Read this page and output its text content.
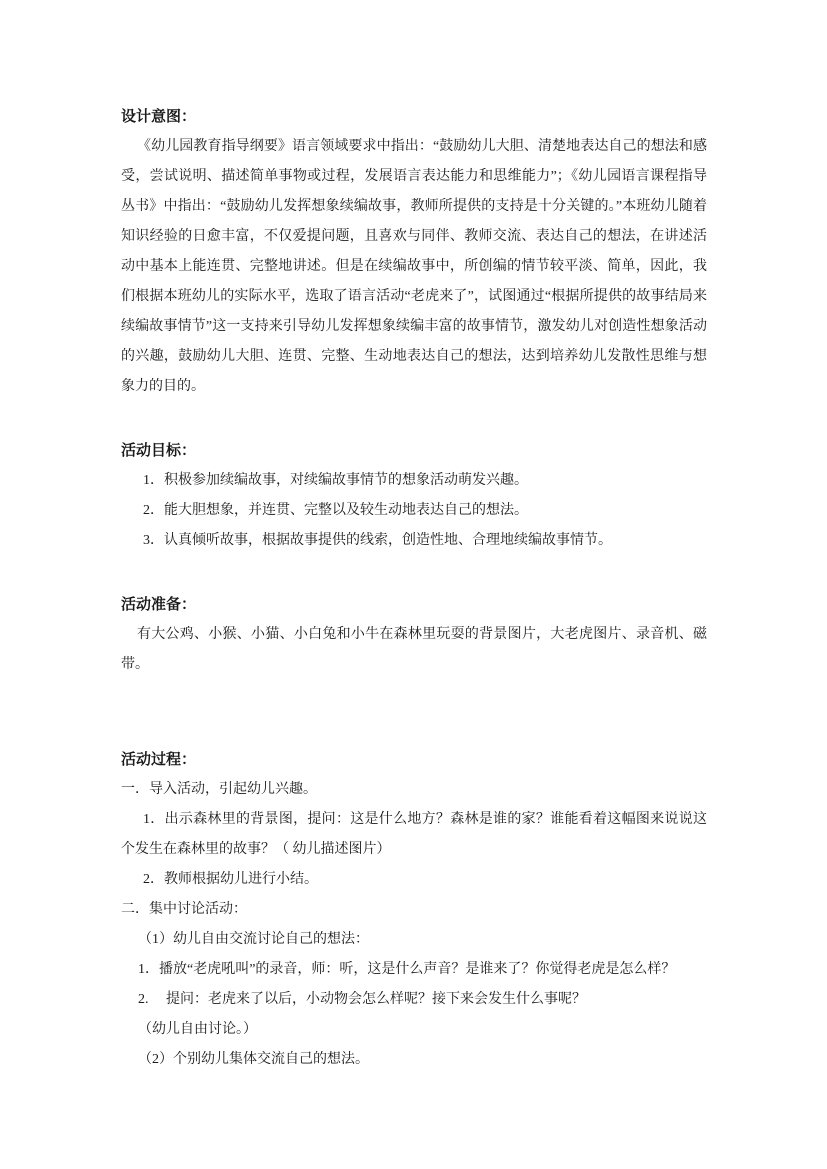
设计意图：

《幼儿园教育指导纲要》语言领域要求中指出：“鼓励幼儿大胆、清楚地表达自己的想法和感受，尝试说明、描述简单事物或过程，发展语言表达能力和思维能力”；《幼儿园语言课程指导丛书》中指出：“鼓励幼儿发挥想象续编故事，教师所提供的支持是十分关键的。”本班幼儿随着知识经验的日愈丰富，不仅爱提问题，且喜欢与同伴、教师交流、表达自己的想法，在讲述活动中基本上能连贯、完整地讲述。但是在续编故事中，所创编的情节较平淡、简单，因此，我们根据本班幼儿的实际水平，选取了语言活动“老虎来了”，试图通过“根据所提供的故事结局来续编故事情节”这一支持来引导幼儿发挥想象续编丰富的故事情节，激发幼儿对创造性想象活动的兴趣，鼓励幼儿大胆、连贯、完整、生动地表达自己的想法，达到培养幼儿发散性思维与想象力的目的。

活动目标：

1．积极参加续编故事，对续编故事情节的想象活动萌发兴趣。

2．能大胆想象，并连贯、完整以及较生动地表达自己的想法。

3．认真倾听故事，根据故事提供的线索，创造性地、合理地续编故事情节。

活动准备：

有大公鸡、小猴、小猫、小白兔和小牛在森林里玩耍的背景图片，大老虎图片、录音机、磁带。

活动过程：

一．导入活动，引起幼儿兴趣。

1．出示森林里的背景图，提问：这是什么地方？森林是谁的家？谁能看着这幅图来说说这个发生在森林里的故事？（ 幼儿描述图片）

2．教师根据幼儿进行小结。

二．集中讨论活动：

（1）幼儿自由交流讨论自己的想法：

1．播放“老虎吼叫”的录音，师：听，这是什么声音？是谁来了？你觉得老虎是怎么样？

2.　 提问：老虎来了以后，小动物会怎么样呢？接下来会发生什么事呢？

（幼儿自由讨论。）

（2）个别幼儿集体交流自己的想法。
